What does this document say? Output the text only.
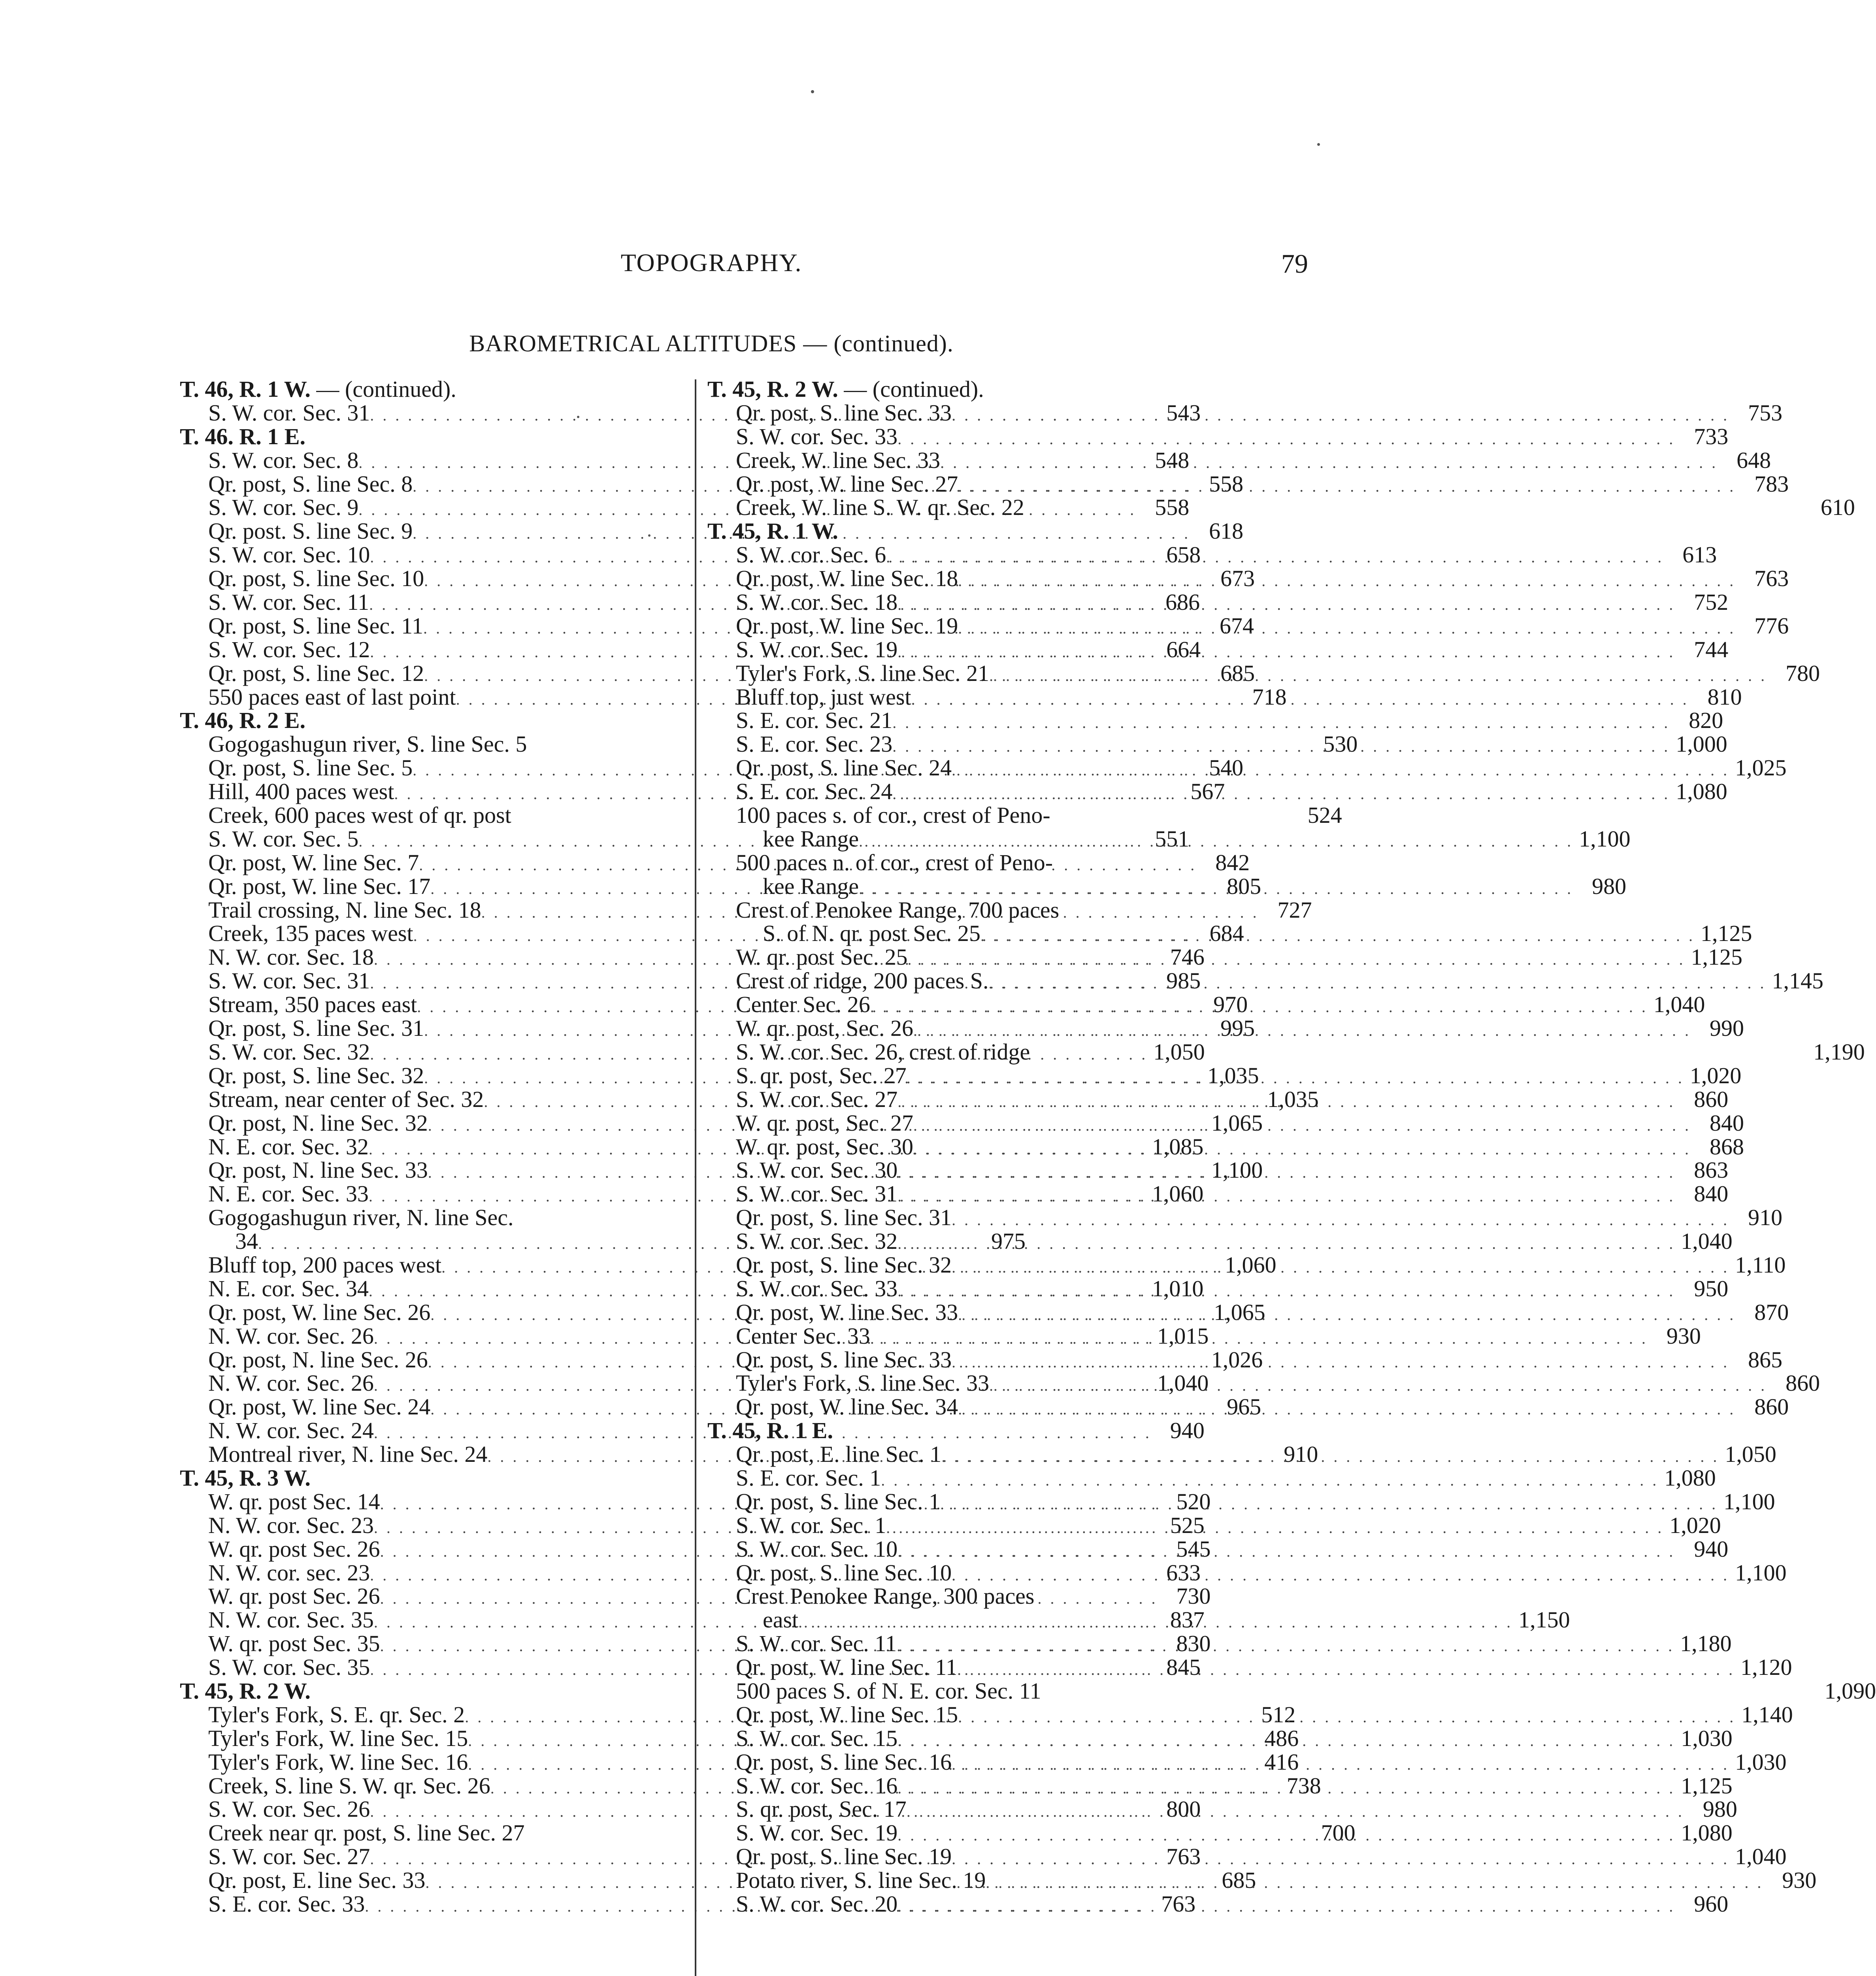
TOPOGRAPHY.	79
BAROMETRICAL ALTITUDES — (continued).
T. 46, R. 1 W. — (continued).
S. W. cor. Sec. 31 . . .	543
T. 46. R. 1 E.
S. W. cor. Sec. 8 . . .	548
Qr. post, S. line Sec. 8 . . .	558
S. W. cor. Sec. 9 . . .	558
Qr. post. S. line Sec. 9 . . .	618
S. W. cor. Sec. 10 . . .	658
Qr. post, S. line Sec. 10 . . .	673
S. W. cor. Sec. 11 . . .	686
Qr. post, S. line Sec. 11 . . .	674
S. W. cor. Sec. 12 . . .	664
Qr. post, S. line Sec. 12 . . .	685
550 paces east of last point . . .	718
T. 46, R. 2 E.
Gogogashugun river, S. line Sec. 5	530
Qr. post, S. line Sec. 5 . . .	540
Hill, 400 paces west . . .	567
Creek, 600 paces west of qr. post	524
S. W. cor. Sec. 5 . . .	551
Qr. post, W. line Sec. 7 . . .	842
Qr. post, W. line Sec. 17 . . .	805
Trail crossing, N. line Sec. 18 . . .	727
Creek, 135 paces west . . .	684
N. W. cor. Sec. 18 . . .	746
S. W. cor. Sec. 31 . . .	985
Stream, 350 paces east . . .	970
Qr. post, S. line Sec. 31 . . .	995
S. W. cor. Sec. 32 . . .	1,050
Qr. post, S. line Sec. 32 . . .	1,035
Stream, near center of Sec. 32 . . .	1,035
Qr. post, N. line Sec. 32 . . .	1,065
N. E. cor. Sec. 32 . . .	1,085
Qr. post, N. line Sec. 33 . . .	1,100
N. E. cor. Sec. 33 . . .	1,060
Gogogashugun river, N. line Sec.
34 . . .	975
Bluff top, 200 paces west . . .	1,060
N. E. cor. Sec. 34 . . .	1,010
Qr. post, W. line Sec. 26 . . .	1,065
N. W. cor. Sec. 26 . . .	1,015
Qr. post, N. line Sec. 26 . . .	1,026
N. W. cor. Sec. 26 . . .	1,040
Qr. post, W. line Sec. 24 . . .	965
N. W. cor. Sec. 24 . . .	940
Montreal river, N. line Sec. 24 . . .	910
T. 45, R. 3 W.
W. qr. post Sec. 14 . . .	520
N. W. cor. Sec. 23 . . .	525
W. qr. post Sec. 26 . . .	545
N. W. cor. sec. 23 . . .	633
W. qr. post Sec. 26 . . .	730
N. W. cor. Sec. 35 . . .	837
W. qr. post Sec. 35 . . .	830
S. W. cor. Sec. 35 . . .	845
T. 45, R. 2 W.
Tyler's Fork, S. E. qr. Sec. 2 . . .	512
Tyler's Fork, W. line Sec. 15 . . .	486
Tyler's Fork, W. line Sec. 16 . . .	416
Creek, S. line S. W. qr. Sec. 26 . . .	738
S. W. cor. Sec. 26 . . .	800
Creek near qr. post, S. line Sec. 27	700
S. W. cor. Sec. 27 . . .	763
Qr. post, E. line Sec. 33 . . .	685
S. E. cor. Sec. 33 . . .	763
T. 45, R. 2 W. — (continued).
Qr. post, S. line Sec. 33 . . .	753
S. W. cor. Sec. 33 . . .	733
Creek, W. line Sec. 33 . . .	648
Qr. post, W. line Sec. 27 . . .	783
Creek, W. line S. W. qr. Sec. 22	610
T. 45, R. 1 W.
S. W. cor. Sec. 6 . . .	613
Qr. post, W. line Sec. 18 . . .	763
S. W. cor. Sec. 18 . . .	752
Qr. post, W. line Sec. 19 . . .	776
S. W. cor. Sec. 19 . . .	744
Tyler's Fork, S. line Sec. 21 . . .	780
Bluff top, just west . . .	810
S. E. cor. Sec. 21 . . .	820
S. E. cor. Sec. 23 . . .	1,000
Qr. post, S. line Sec. 24 . . .	1,025
S. E. cor. Sec. 24 . . .	1,080
100 paces s. of cor., crest of Peno-
kee Range . . .	1,100
500 paces n. of cor., crest of Peno-
kee Range . . .	980
Crest of Penokee Range, 700 paces
S. of N. qr. post Sec. 25 . . .	1,125
W. qr. post Sec. 25 . . .	1,125
Crest of ridge, 200 paces S. . . .	1,145
Center Sec. 26 . . .	1,040
W. qr. post, Sec. 26 . . .	990
S. W. cor. Sec. 26, crest of ridge	1,190
S. qr. post, Sec. 27 . . .	1,020
S. W. cor. Sec. 27 . . .	860
W. qr. post, Sec. 27 . . .	840
W. qr. post, Sec. 30 . . .	868
S. W. cor. Sec. 30 . . .	863
S. W. cor. Sec. 31 . . .	840
Qr. post, S. line Sec. 31 . . .	910
S. W. cor. Sec. 32 . . .	1,040
Qr. post, S. line Sec. 32 . . .	1,110
S. W. cor. Sec. 33 . . .	950
Qr. post, W. line Sec. 33 . . .	870
Center Sec. 33 . . .	930
Qr. post, S. line Sec. 33 . . .	865
Tyler's Fork, S. line Sec. 33 . . .	860
Qr. post, W. line Sec. 34 . . .	860
T. 45, R. 1 E.
Qr. post, E. line Sec. 1 . . .	1,050
S. E. cor. Sec. 1 . . .	1,080
Qr. post, S. line Sec. 1 . . .	1,100
S. W. cor. Sec. 1 . . .	1,020
S. W. cor. Sec. 10 . . .	940
Qr. post, S. line Sec. 10 . . .	1,100
Crest Penokee Range, 300 paces
east . . .	1,150
S. W. cor. Sec. 11 . . .	1,180
Qr. post, W. line Sec. 11 . . .	1,120
500 paces S. of N. E. cor. Sec. 11	1,090
Qr. post, W. line Sec. 15 . . .	1,140
S. W. cor. Sec. 15 . . .	1,030
Qr. post, S. line Sec. 16 . . .	1,030
S. W. cor. Sec. 16 . . .	1,125
S. qr. post, Sec. 17 . . .	980
S. W. cor. Sec. 19 . . .	1,080
Qr. post, S. line Sec. 19 . . .	1,040
Potato river, S. line Sec. 19 . . .	930
S. W. cor. Sec. 20 . . .	960
